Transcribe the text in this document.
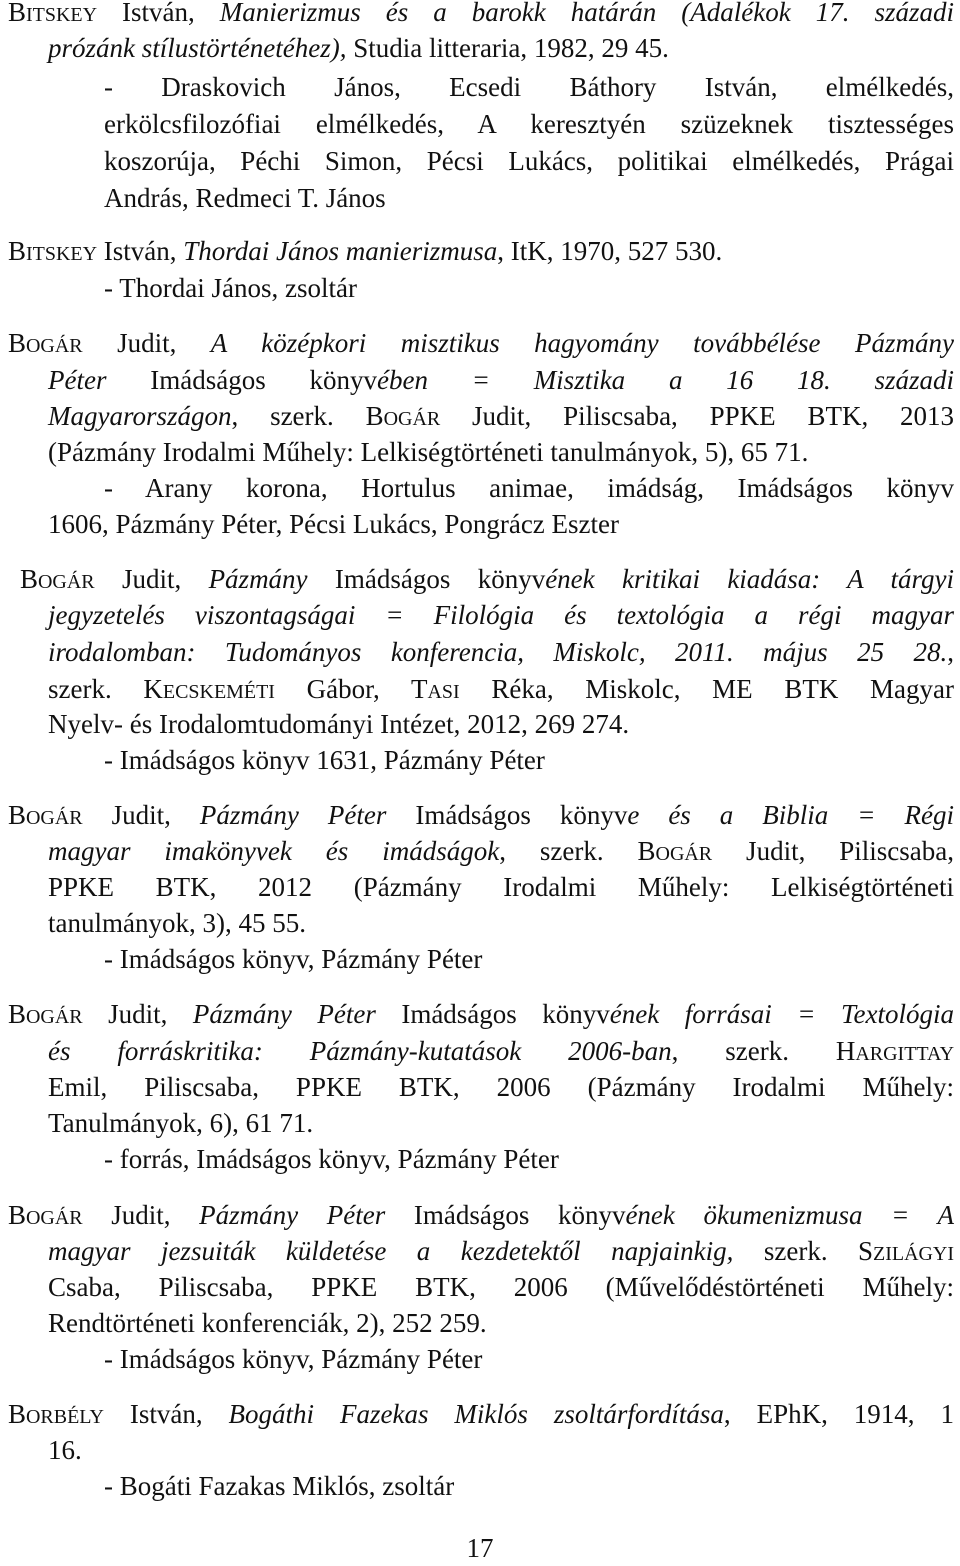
BITSKEY István, Manierizmus és a barokk határán (Adalékok 17. századi
prózánk stílustörténetéhez), Studia litteraria, 1982, 29 45.
- Draskovich János, Ecsedi Báthory István, elmélkedés,
erkölcsfilozófiai elmélkedés, A keresztyén szüzeknek tisztességes
koszorúja, Péchi Simon, Pécsi Lukács, politikai elmélkedés, Prágai
András, Redmeci T. János
BITSKEY István, Thordai János manierizmusa, ItK, 1970, 527 530.
- Thordai János, zsoltár
BOGÁR Judit, A középkori misztikus hagyomány továbbélése Pázmány
Péter Imádságos könyvében = Misztika a 16 18. századi
Magyarországon, szerk. BOGÁR Judit, Piliscsaba, PPKE BTK, 2013
(Pázmány Irodalmi Műhely: Lelkiségtörténeti tanulmányok, 5), 65 71.
- Arany korona, Hortulus animae, imádság, Imádságos könyv
1606, Pázmány Péter, Pécsi Lukács, Pongrácz Eszter
BOGÁR Judit, Pázmány Imádságos könyvének kritikai kiadása: A tárgyi
jegyzetelés viszontagságai = Filológia és textológia a régi magyar
irodalomban: Tudományos konferencia, Miskolc, 2011. május 25 28.,
szerk. KECSKEMÉTI Gábor, TASI Réka, Miskolc, ME BTK Magyar
Nyelv- és Irodalomtudományi Intézet, 2012, 269 274.
- Imádságos könyv 1631, Pázmány Péter
BOGÁR Judit, Pázmány Péter Imádságos könyve és a Biblia = Régi
magyar imakönyvek és imádságok, szerk. BOGÁR Judit, Piliscsaba,
PPKE BTK, 2012 (Pázmány Irodalmi Műhely: Lelkiségtörténeti
tanulmányok, 3), 45 55.
- Imádságos könyv, Pázmány Péter
BOGÁR Judit, Pázmány Péter Imádságos könyvének forrásai = Textológia
és forráskritika: Pázmány-kutatások 2006-ban, szerk. HARGITTAY
Emil, Piliscsaba, PPKE BTK, 2006 (Pázmány Irodalmi Műhely:
Tanulmányok, 6), 61 71.
- forrás, Imádságos könyv, Pázmány Péter
BOGÁR Judit, Pázmány Péter Imádságos könyvének ökumenizmusa = A
magyar jezsuiták küldetése a kezdetektől napjainkig, szerk. SZILÁGYI
Csaba, Piliscsaba, PPKE BTK, 2006 (Művelődéstörténeti Műhely:
Rendtörténeti konferenciák, 2), 252 259.
- Imádságos könyv, Pázmány Péter
BORBÉLY István, Bogáthi Fazekas Miklós zsoltárfordítása, EPhK, 1914, 1
16.
- Bogáti Fazakas Miklós, zsoltár
17
